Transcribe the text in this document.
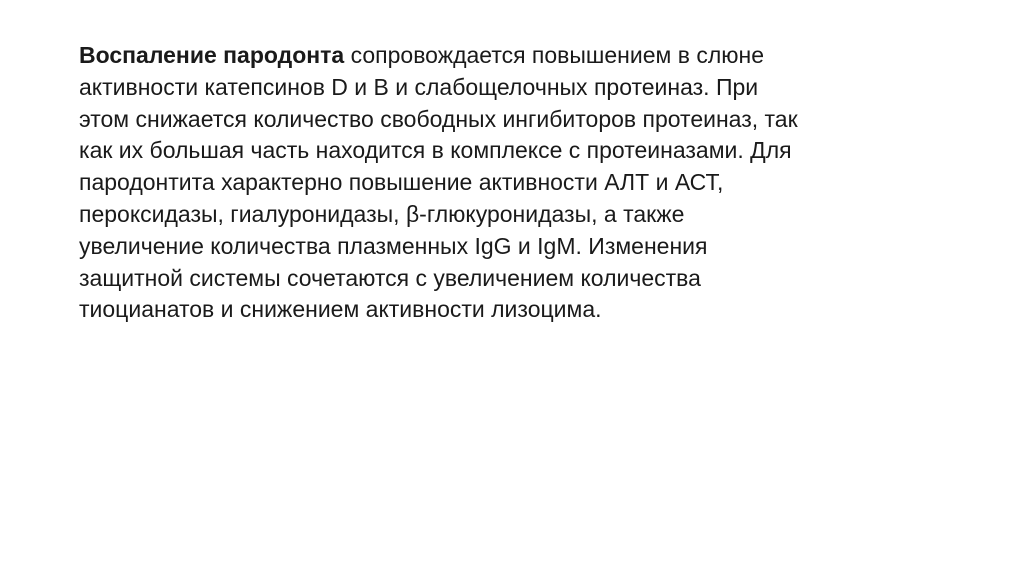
Воспаление пародонта сопровождается повышением в слюне
активности катепсинов D и B и слабощелочных протеиназ. При
этом снижается количество свободных ингибиторов протеиназ, так
как их большая часть находится в комплексе с протеиназами. Для
пародонтита характерно повышение активности АЛТ и АСТ,
пероксидазы, гиалуронидазы, β-глюкуронидазы, а также
увеличение количества плазменных IgG и IgM. Изменения
защитной системы сочетаются с увеличением количества
тиоцианатов и снижением активности лизоцима.
